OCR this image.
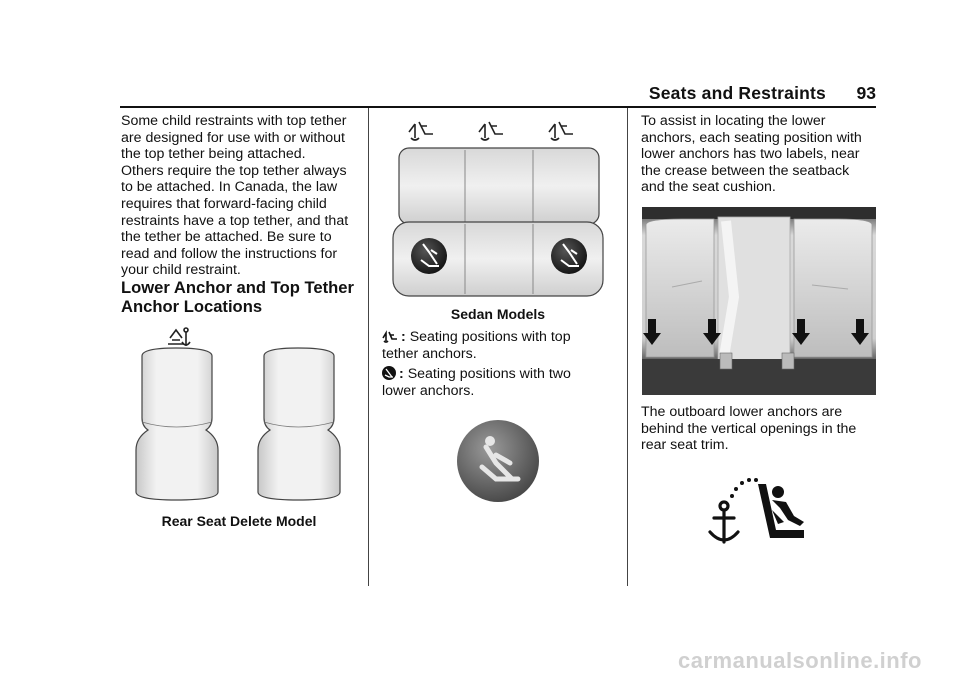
Seats and Restraints 93
Some child restraints with top tether
are designed for use with or without
the top tether being attached.
Others require the top tether always
to be attached. In Canada, the law
requires that forward-facing child
restraints have a top tether, and that
the tether be attached. Be sure to
read and follow the instructions for
your child restraint.
Lower Anchor and Top Tether
Anchor Locations
Rear Seat Delete Model
Sedan Models
: Seating positions with top
tether anchors.
: Seating positions with two
lower anchors.
To assist in locating the lower
anchors, each seating position with
lower anchors has two labels, near
the crease between the seatback
and the seat cushion.
The outboard lower anchors are
behind the vertical openings in the
rear seat trim.
carmanualsonline.info
